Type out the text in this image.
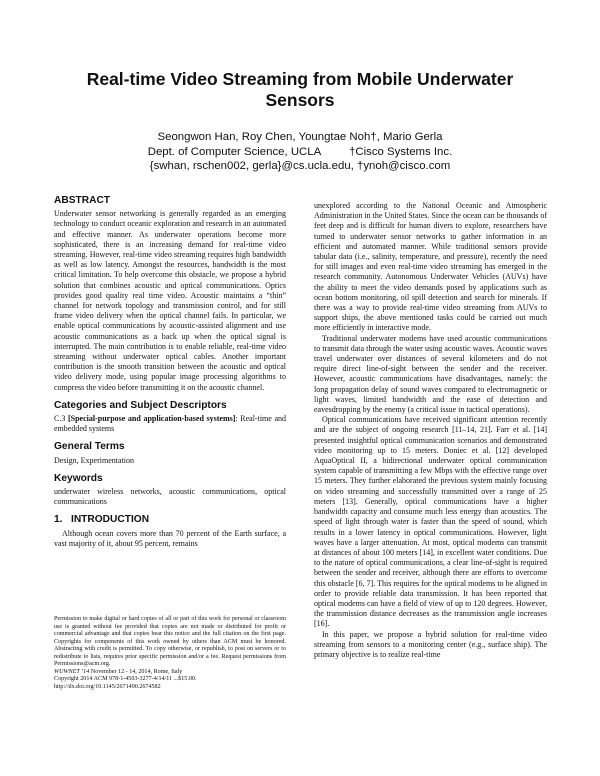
Real-time Video Streaming from Mobile Underwater Sensors
Seongwon Han, Roy Chen, Youngtae Noh†, Mario Gerla
Dept. of Computer Science, UCLA         †Cisco Systems Inc.
{swhan, rschen002, gerla}@cs.ucla.edu, †ynoh@cisco.com
ABSTRACT

Underwater sensor networking is generally regarded as an emerging technology to conduct oceanic exploration and research in an automated and effective manner. As underwater operations become more sophisticated, there is an increasing demand for real-time video streaming. However, real-time video streaming requires high bandwidth as well as low latency. Amongst the resources, bandwidth is the most critical limitation. To help overcome this obstacle, we propose a hybrid solution that combines acoustic and optical communications. Optics provides good quality real time video. Acoustic maintains a “thin” channel for network topology and transmission control, and for still frame video delivery when the optical channel fails. In particular, we enable optical communications by acoustic-assisted alignment and use acoustic communications as a back up when the optical signal is interrupted. The main contribution is to enable reliable, real-time video streaming without underwater optical cables. Another important contribution is the smooth transition between the acoustic and optical video delivery mode, using popular image processing algorithms to compress the video before transmitting it on the acoustic channel.

Categories and Subject Descriptors

C.3 [Special-purpose and application-based systems]: Real-time and embedded systems

General Terms

Design, Experimentation

Keywords

underwater wireless networks, acoustic communications, optical communications

1.   INTRODUCTION

Although ocean covers more than 70 percent of the Earth surface, a vast majority of it, about 95 percent, remains

Permission to make digital or hard copies of all or part of this work for personal or classroom use is granted without fee provided that copies are not made or distributed for profit or commercial advantage and that copies bear this notice and the full citation on the first page. Copyrights for components of this work owned by others than ACM must be honored. Abstracting with credit is permitted. To copy otherwise, or republish, to post on servers or to redistribute to lists, requires prior specific permission and/or a fee. Request permissions from Permissions@acm.org.

WUWNET ’14 November 12 - 14, 2014, Rome, Italy
Copyright 2014 ACM 978-1-4503-3277-4/14/11 ...$15.00.
http://dx.doi.org/10.1145/2671490.2674582

unexplored according to the National Oceanic and Atmospheric Administration in the United States. Since the ocean can be thousands of feet deep and is difficult for human divers to explore, researchers have turned to underwater sensor networks to gather information in an efficient and automated manner. While traditional sensors provide tabular data (i.e., salinity, temperature, and pressure), recently the need for still images and even real-time video streaming has emerged in the research community. Autonomous Underwater Vehicles (AUVs) have the ability to meet the video demands posed by applications such as ocean bottom monitoring, oil spill detection and search for minerals. If there was a way to provide real-time video streaming from AUVs to support ships, the above mentioned tasks could be carried out much more efficiently in interactive mode.

Traditional underwater modems have used acoustic communications to transmit data through the water using acoustic waves. Acoustic waves travel underwater over distances of several kilometers and do not require direct line-of-sight between the sender and the receiver. However, acoustic communications have disadvantages, namely: the long propagation delay of sound waves compared to electromagnetic or light waves, limited bandwidth and the ease of detection and eavesdropping by the enemy (a critical issue in tactical operations).

Optical communications have received significant attention recently and are the subject of ongoing research [11–14, 21]. Farr et al. [14] presented insightful optical communication scenarios and demonstrated video monitoring up to 15 meters. Doniec et al. [12] developed AquaOptical II, a bidirectional underwater optical communication system capable of transmitting a few Mbps with the effective range over 15 meters. They further elaborated the previous system mainly focusing on video streaming and successfully transmitted over a range of 25 meters [13]. Generally, optical communications have a higher bandwidth capacity and consume much less energy than acoustics. The speed of light through water is faster than the speed of sound, which results in a lower latency in optical communications. However, light waves have a larger attenuation. At most, optical modems can transmit at distances of about 100 meters [14], in excellent water conditions. Due to the nature of optical communications, a clear line-of-sight is required between the sender and receiver, although there are efforts to overcome this obstacle [6, 7]. This requires for the optical modems to be aligned in order to provide reliable data transmission. It has been reported that optical modems can have a field of view of up to 120 degrees. However, the transmission distance decreases as the transmission angle increases [16].

In this paper, we propose a hybrid solution for real-time video streaming from sensors to a monitoring center (e.g., surface ship). The primary objective is to realize real-time
